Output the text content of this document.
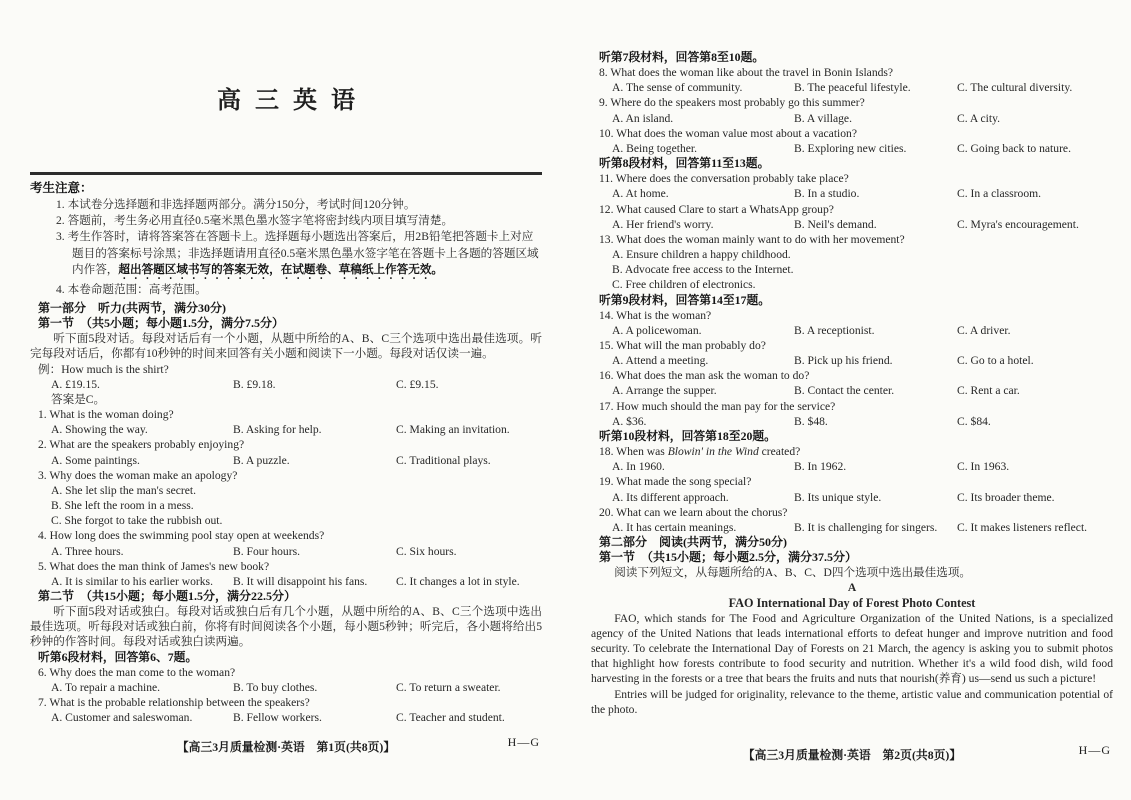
高三英语
考生注意：
1. 本试卷分选择题和非选择题两部分。满分150分，考试时间120分钟。
2. 答题前，考生务必用直径0.5毫米黑色墨水签字笔将密封线内项目填写清楚。
3. 考生作答时，请将答案答在答题卡上。选择题每小题选出答案后，用2B铅笔把答题卡上对应题目的答案标号涂黑；非选择题请用直径0.5毫米黑色墨水签字笔在答题卡上各题的答题区域内作答，超出答题区域书写的答案无效，在试题卷、草稿纸上作答无效。
4. 本卷命题范围：高考范围。
第一部分　听力(共两节，满分30分)
第一节　（共5小题；每小题1.5分，满分7.5分）
听下面5段对话。每段对话后有一个小题，从题中所给的A、B、C三个选项中选出最佳选项。听完每段对话后，你都有10秒钟的时间来回答有关小题和阅读下一小题。每段对话仅读一遍。
例：How much is the shirt?
A. £19.15.	B. £9.18.	C. £9.15.
答案是C。
1. What is the woman doing?
A. Showing the way.	B. Asking for help.	C. Making an invitation.
2. What are the speakers probably enjoying?
A. Some paintings.	B. A puzzle.	C. Traditional plays.
3. Why does the woman make an apology?
A. She let slip the man's secret.
B. She left the room in a mess.
C. She forgot to take the rubbish out.
4. How long does the swimming pool stay open at weekends?
A. Three hours.	B. Four hours.	C. Six hours.
5. What does the man think of James's new book?
A. It is similar to his earlier works.	B. It will disappoint his fans.	C. It changes a lot in style.
第二节　（共15小题；每小题1.5分，满分22.5分）
听下面5段对话或独白。每段对话或独白后有几个小题，从题中所给的A、B、C三个选项中选出最佳选项。听每段对话或独白前，你将有时间阅读各个小题，每小题5秒钟；听完后，各小题将给出5秒钟的作答时间。每段对话或独白读两遍。
听第6段材料，回答第6、7题。
6. Why does the man come to the woman?
A. To repair a machine.	B. To buy clothes.	C. To return a sweater.
7. What is the probable relationship between the speakers?
A. Customer and saleswoman.	B. Fellow workers.	C. Teacher and student.
【高三3月质量检测·英语　第1页(共8页)】	H—G
听第7段材料，回答第8至10题。
8. What does the woman like about the travel in Bonin Islands?
A. The sense of community.	B. The peaceful lifestyle.	C. The cultural diversity.
9. Where do the speakers most probably go this summer?
A. An island.	B. A village.	C. A city.
10. What does the woman value most about a vacation?
A. Being together.	B. Exploring new cities.	C. Going back to nature.
听第8段材料，回答第11至13题。
11. Where does the conversation probably take place?
A. At home.	B. In a studio.	C. In a classroom.
12. What caused Clare to start a WhatsApp group?
A. Her friend's worry.	B. Neil's demand.	C. Myra's encouragement.
13. What does the woman mainly want to do with her movement?
A. Ensure children a happy childhood.
B. Advocate free access to the Internet.
C. Free children of electronics.
听第9段材料，回答第14至17题。
14. What is the woman?
A. A policewoman.	B. A receptionist.	C. A driver.
15. What will the man probably do?
A. Attend a meeting.	B. Pick up his friend.	C. Go to a hotel.
16. What does the man ask the woman to do?
A. Arrange the supper.	B. Contact the center.	C. Rent a car.
17. How much should the man pay for the service?
A. $36.	B. $48.	C. $84.
听第10段材料，回答第18至20题。
18. When was Blowin' in the Wind created?
A. In 1960.	B. In 1962.	C. In 1963.
19. What made the song special?
A. Its different approach.	B. Its unique style.	C. Its broader theme.
20. What can we learn about the chorus?
A. It has certain meanings.	B. It is challenging for singers.	C. It makes listeners reflect.
第二部分　阅读(共两节，满分50分)
第一节　（共15小题；每小题2.5分，满分37.5分）
阅读下列短文，从每题所给的A、B、C、D四个选项中选出最佳选项。
A
FAO International Day of Forest Photo Contest
FAO, which stands for The Food and Agriculture Organization of the United Nations, is a specialized agency of the United Nations that leads international efforts to defeat hunger and improve nutrition and food security. To celebrate the International Day of Forests on 21 March, the agency is asking you to submit photos that highlight how forests contribute to food security and nutrition. Whether it's a wild food dish, wild food harvesting in the forests or a tree that bears the fruits and nuts that nourish(养育) us—send us such a picture!
Entries will be judged for originality, relevance to the theme, artistic value and communication potential of the photo.
【高三3月质量检测·英语　第2页(共8页)】	H—G
